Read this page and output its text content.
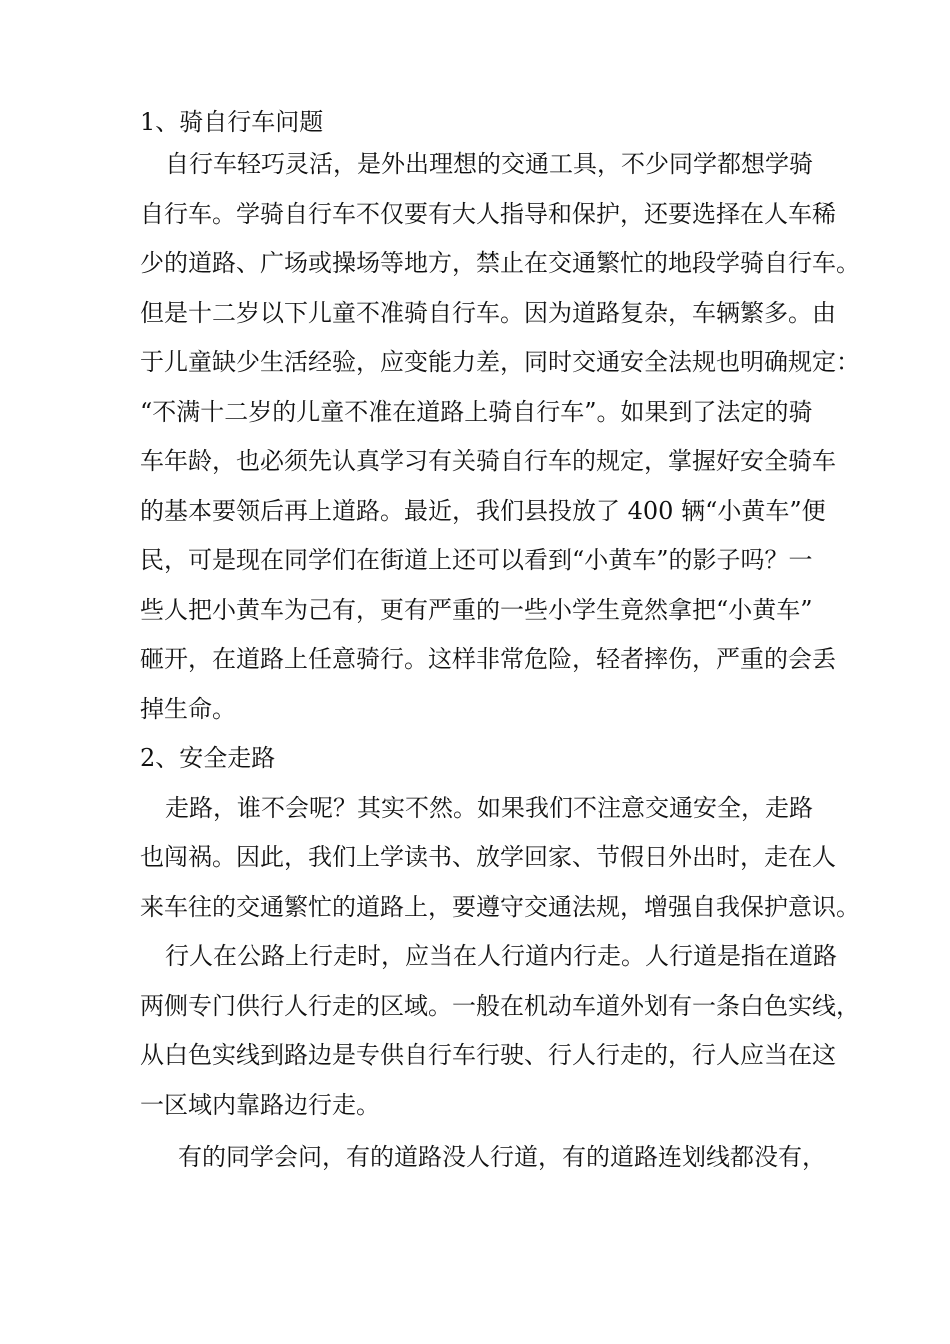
1、骑自行车问题
自行车轻巧灵活，是外出理想的交通工具，不少同学都想学骑
自行车。学骑自行车不仅要有大人指导和保护，还要选择在人车稀
少的道路、广场或操场等地方，禁止在交通繁忙的地段学骑自行车。
但是十二岁以下儿童不准骑自行车。因为道路复杂，车辆繁多。由
于儿童缺少生活经验，应变能力差，同时交通安全法规也明确规定：
“不满十二岁的儿童不准在道路上骑自行车”。如果到了法定的骑
车年龄，也必须先认真学习有关骑自行车的规定，掌握好安全骑车
的基本要领后再上道路。最近，我们县投放了 400 辆“小黄车”便
民，可是现在同学们在街道上还可以看到“小黄车”的影子吗？一
些人把小黄车为己有，更有严重的一些小学生竟然拿把“小黄车”
砸开，在道路上任意骑行。这样非常危险，轻者摔伤，严重的会丢
掉生命。
2、安全走路
走路，谁不会呢？其实不然。如果我们不注意交通安全，走路
也闯祸。因此，我们上学读书、放学回家、节假日外出时，走在人
来车往的交通繁忙的道路上，要遵守交通法规，增强自我保护意识。
行人在公路上行走时，应当在人行道内行走。人行道是指在道路
两侧专门供行人行走的区域。一般在机动车道外划有一条白色实线，
从白色实线到路边是专供自行车行驶、行人行走的，行人应当在这
一区域内靠路边行走。
有的同学会问，有的道路没人行道，有的道路连划线都没有，
